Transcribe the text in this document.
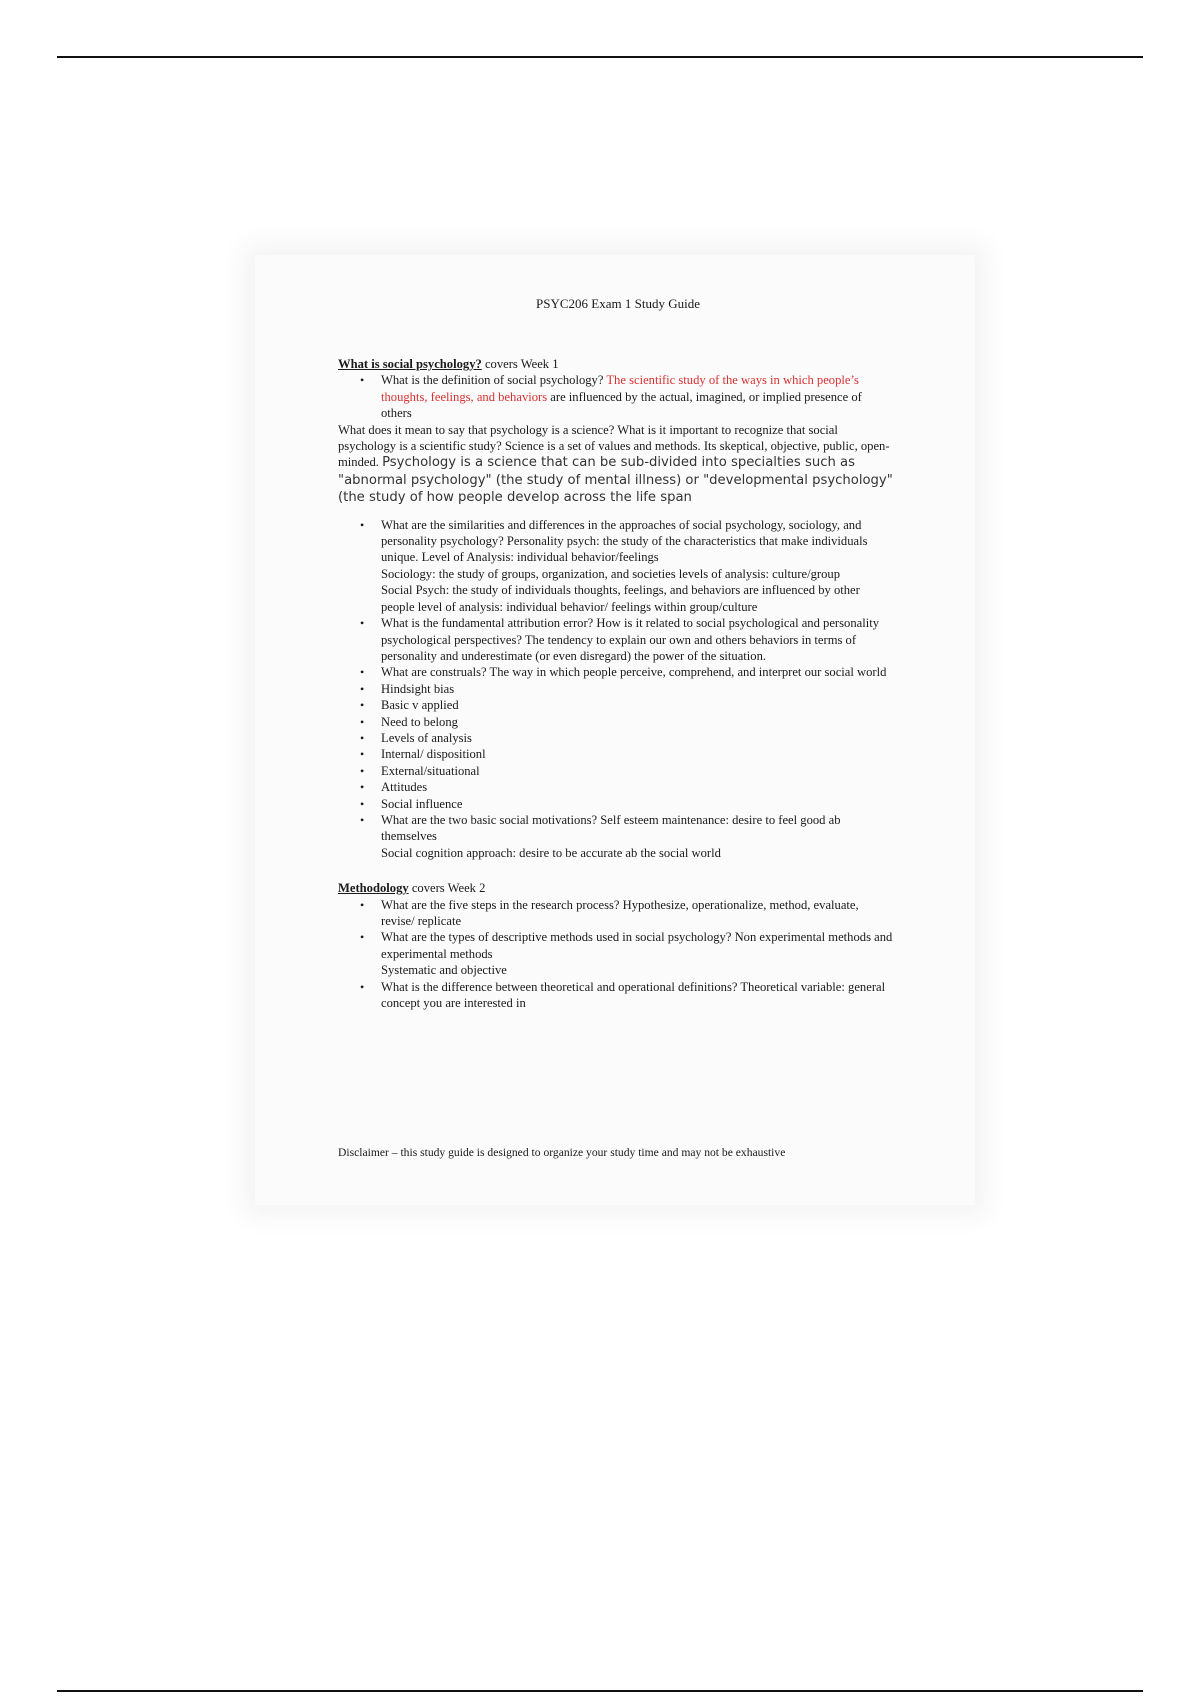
PSYC206 Exam 1 Study Guide

What is social psychology? covers Week 1

• What is the definition of social psychology? The scientific study of the ways in which people’s thoughts, feelings, and behaviors are influenced by the actual, imagined, or implied presence of others

What does it mean to say that psychology is a science? What is it important to recognize that social psychology is a scientific study? Science is a set of values and methods. Its skeptical, objective, public, open-minded. Psychology is a science that can be sub-divided into specialties such as "abnormal psychology" (the study of mental illness) or "developmental psychology" (the study of how people develop across the life span

• What are the similarities and differences in the approaches of social psychology, sociology, and personality psychology? Personality psych: the study of the characteristics that make individuals unique. Level of Analysis: individual behavior/feelings
Sociology: the study of groups, organization, and societies levels of analysis: culture/group
Social Psych: the study of individuals thoughts, feelings, and behaviors are influenced by other people level of analysis: individual behavior/ feelings within group/culture
• What is the fundamental attribution error? How is it related to social psychological and personality psychological perspectives? The tendency to explain our own and others behaviors in terms of personality and underestimate (or even disregard) the power of the situation.
• What are construals? The way in which people perceive, comprehend, and interpret our social world
• Hindsight bias
• Basic v applied
• Need to belong
• Levels of analysis
• Internal/ dispositionl
• External/situational
• Attitudes
• Social influence
• What are the two basic social motivations? Self esteem maintenance: desire to feel good ab themselves
Social cognition approach: desire to be accurate ab the social world

Methodology covers Week 2

• What are the five steps in the research process? Hypothesize, operationalize, method, evaluate, revise/ replicate
• What are the types of descriptive methods used in social psychology? Non experimental methods and experimental methods
Systematic and objective
• What is the difference between theoretical and operational definitions? Theoretical variable: general concept you are interested in
Disclaimer – this study guide is designed to organize your study time and may not be exhaustive
